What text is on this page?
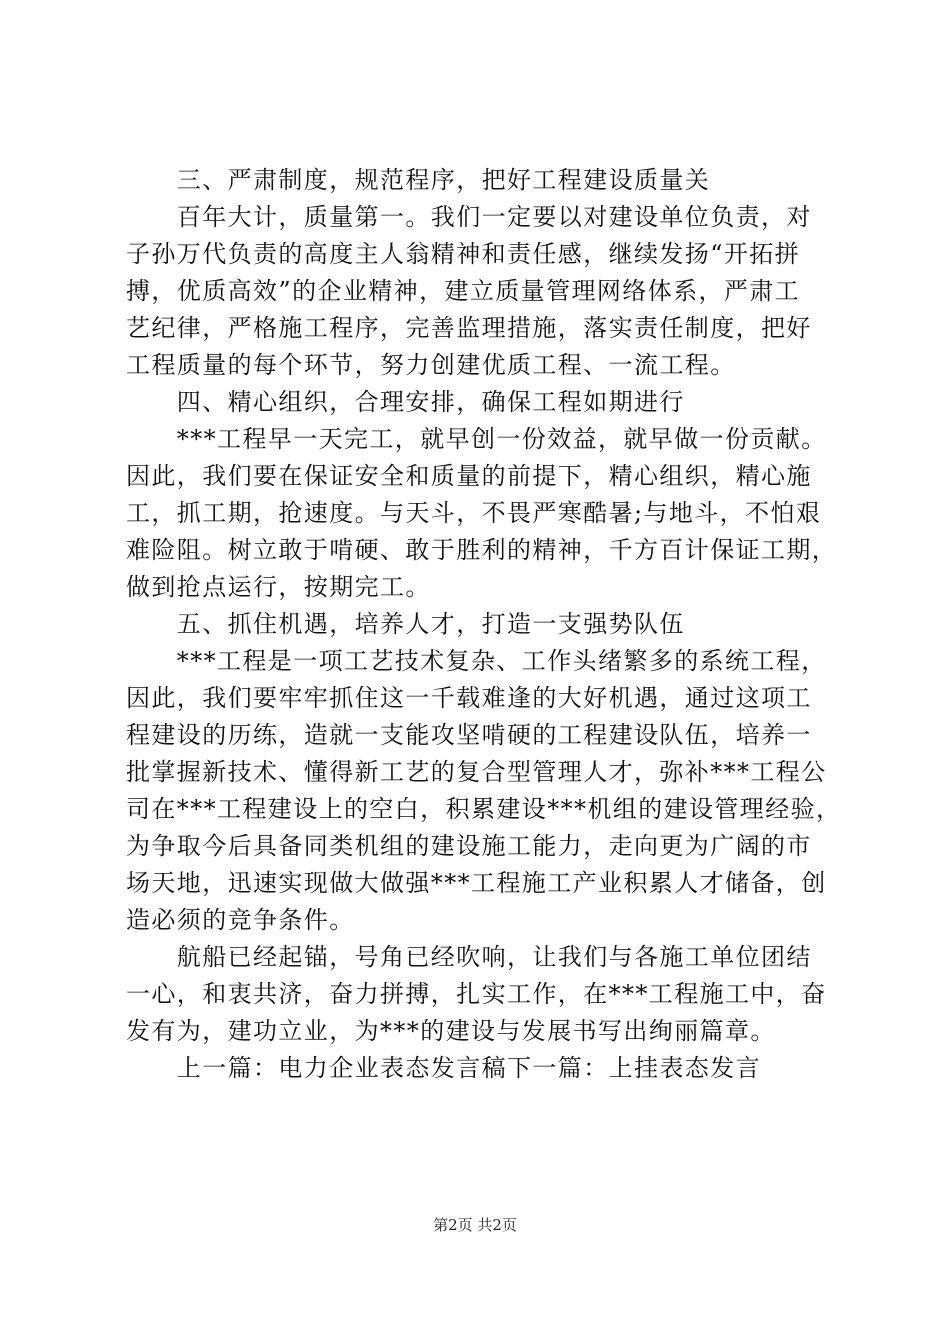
　　三、严肃制度，规范程序，把好工程建设质量关
　　百年大计，质量第一。我们一定要以对建设单位负责，对
子孙万代负责的高度主人翁精神和责任感，继续发扬“开拓拼
搏，优质高效”的企业精神，建立质量管理网络体系，严肃工
艺纪律，严格施工程序，完善监理措施，落实责任制度，把好
工程质量的每个环节，努力创建优质工程、一流工程。
　　四、精心组织，合理安排，确保工程如期进行
　　***工程早一天完工，就早创一份效益，就早做一份贡献。
因此，我们要在保证安全和质量的前提下，精心组织，精心施
工，抓工期，抢速度。与天斗，不畏严寒酷暑;与地斗，不怕艰
难险阻。树立敢于啃硬、敢于胜利的精神，千方百计保证工期，
做到抢点运行，按期完工。
　　五、抓住机遇，培养人才，打造一支强势队伍
　　***工程是一项工艺技术复杂、工作头绪繁多的系统工程，
因此，我们要牢牢抓住这一千载难逢的大好机遇，通过这项工
程建设的历练，造就一支能攻坚啃硬的工程建设队伍，培养一
批掌握新技术、懂得新工艺的复合型管理人才，弥补***工程公
司在***工程建设上的空白，积累建设***机组的建设管理经验，
为争取今后具备同类机组的建设施工能力，走向更为广阔的市
场天地，迅速实现做大做强***工程施工产业积累人才储备，创
造必须的竞争条件。
　　航船已经起锚，号角已经吹响，让我们与各施工单位团结
一心，和衷共济，奋力拼搏，扎实工作，在***工程施工中，奋
发有为，建功立业，为***的建设与发展书写出绚丽篇章。
　　上一篇：电力企业表态发言稿下一篇：上挂表态发言
第2页 共2页
